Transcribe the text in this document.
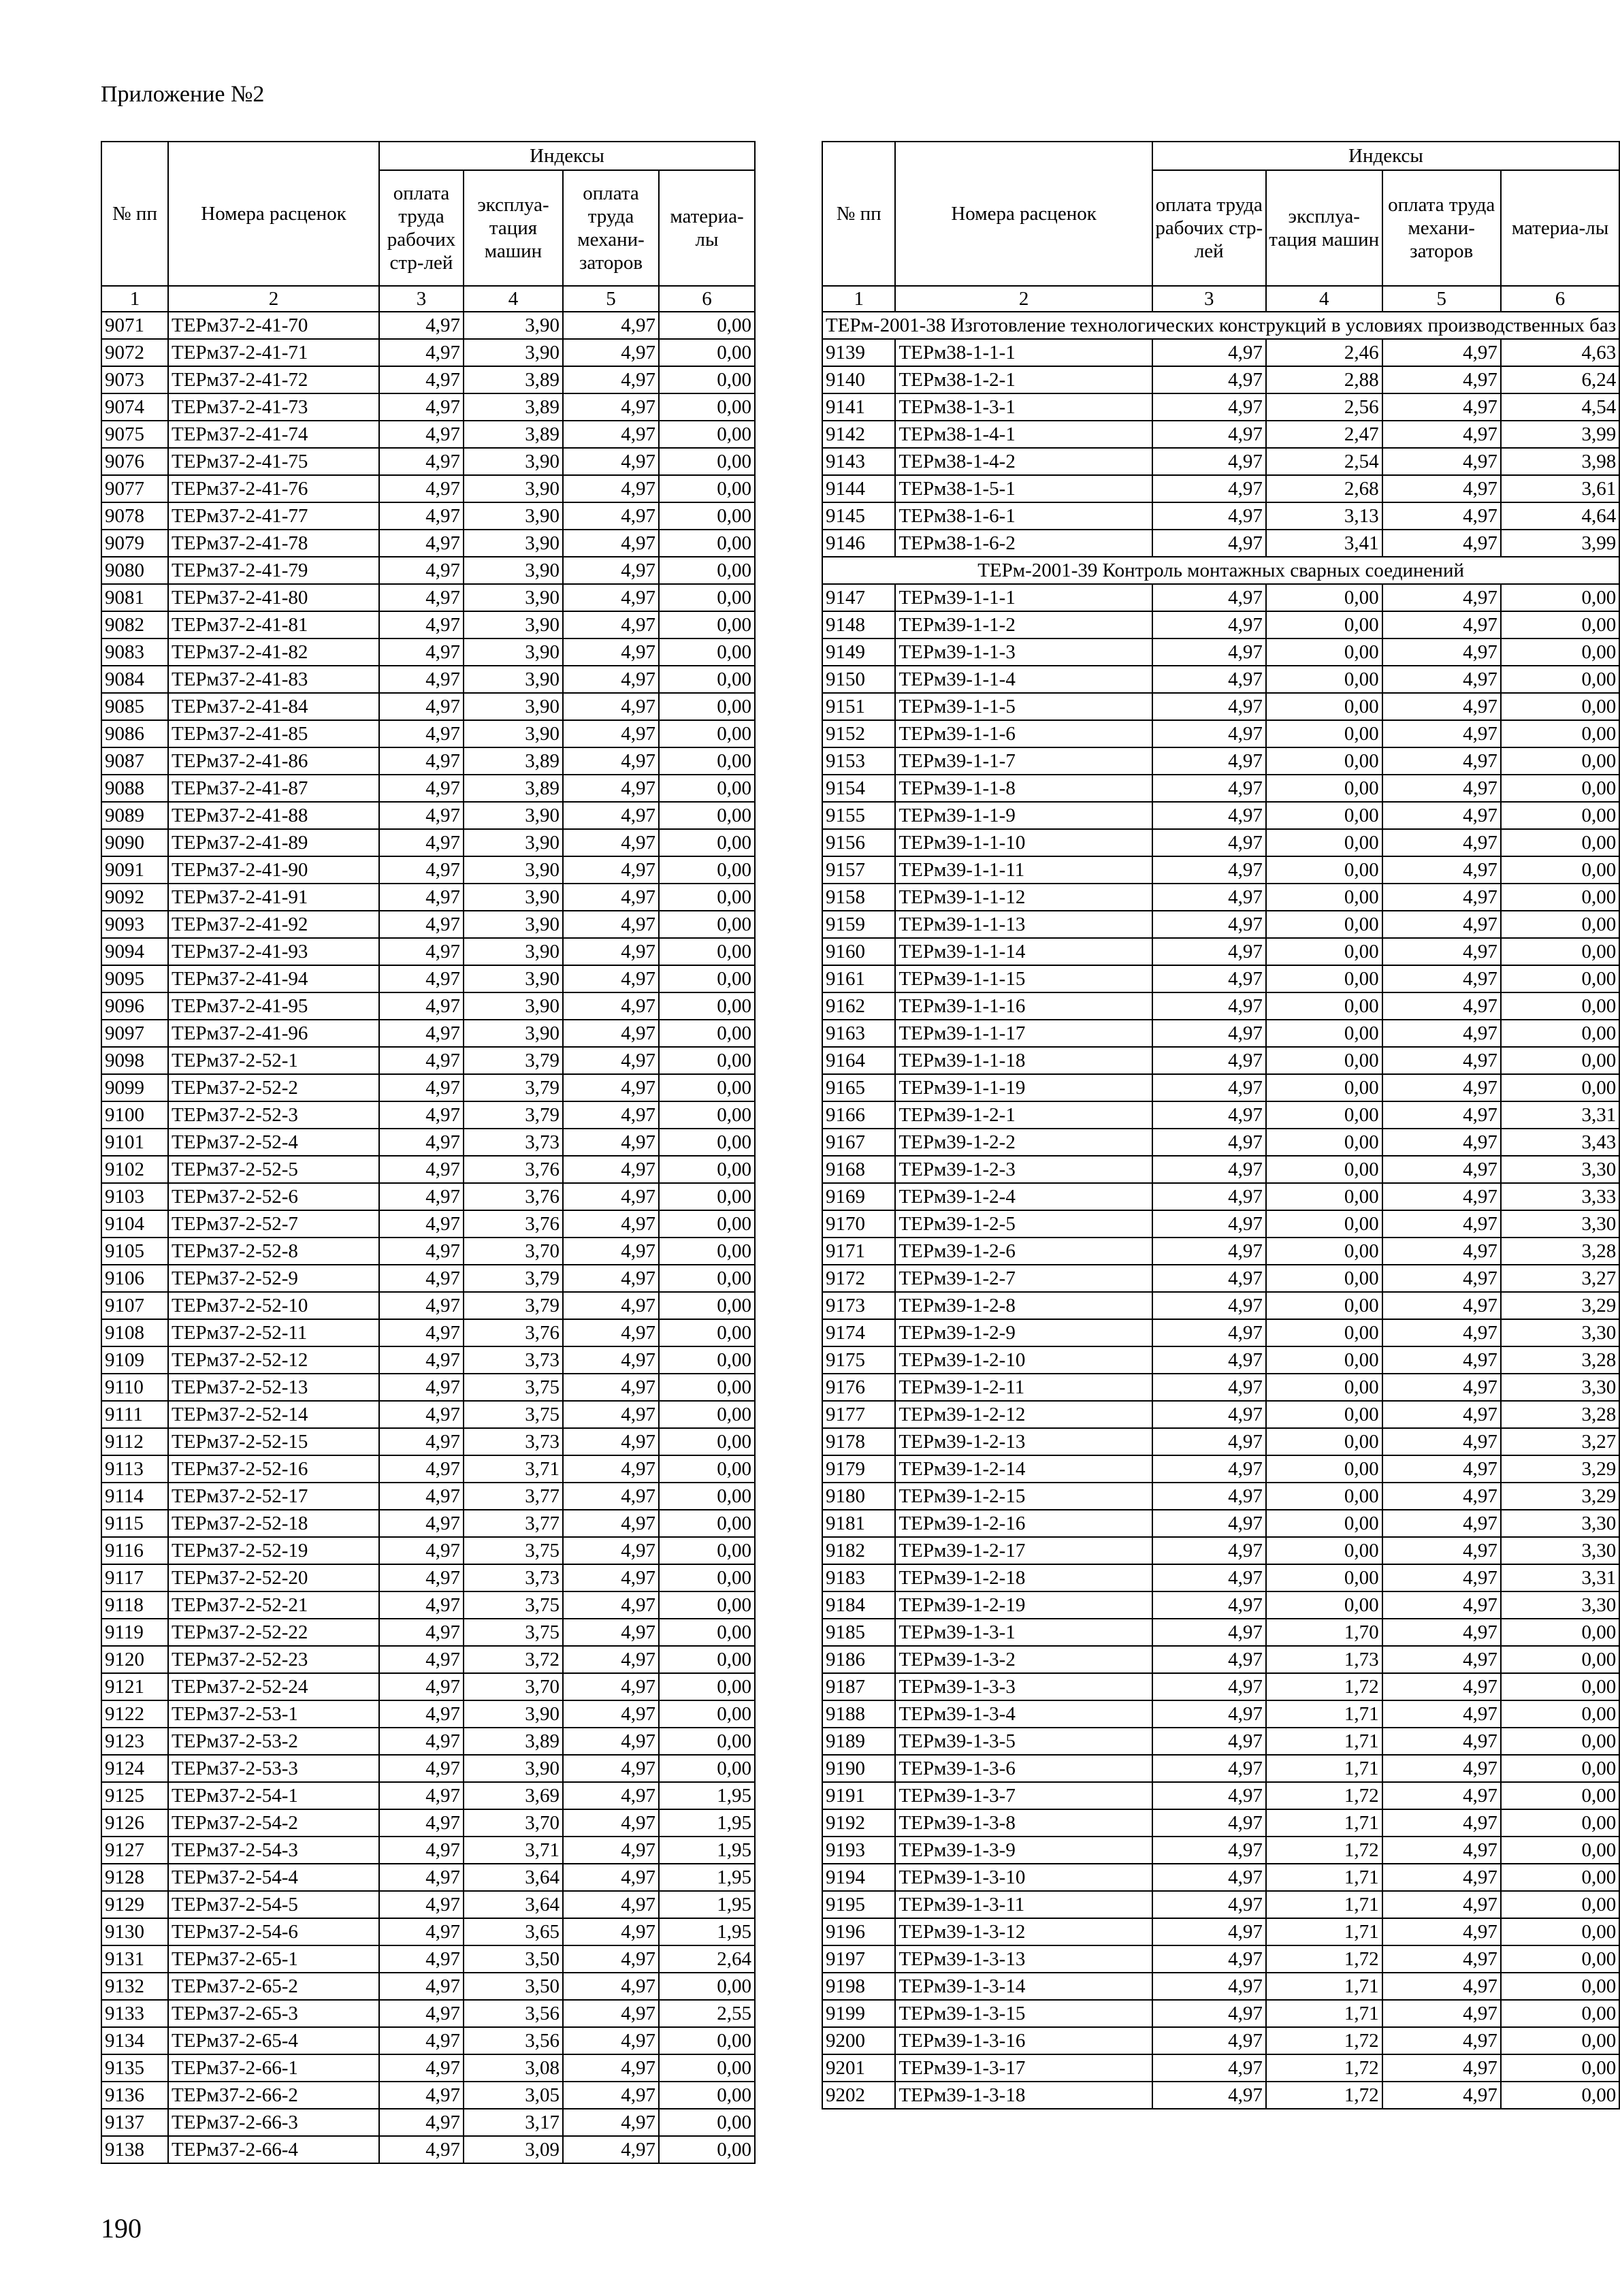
Приложение №2
№ пп	Номера расценок	Индексы			
		оплата труда рабочих стр-лей	эксплуа-тация машин	оплата труда механи-заторов	материа-лы
1	2	3	4	5	6
9071	ТЕРм37-2-41-70	4,97	3,90	4,97	0,00
9072	ТЕРм37-2-41-71	4,97	3,90	4,97	0,00
9073	ТЕРм37-2-41-72	4,97	3,89	4,97	0,00
9074	ТЕРм37-2-41-73	4,97	3,89	4,97	0,00
9075	ТЕРм37-2-41-74	4,97	3,89	4,97	0,00
9076	ТЕРм37-2-41-75	4,97	3,90	4,97	0,00
9077	ТЕРм37-2-41-76	4,97	3,90	4,97	0,00
9078	ТЕРм37-2-41-77	4,97	3,90	4,97	0,00
9079	ТЕРм37-2-41-78	4,97	3,90	4,97	0,00
9080	ТЕРм37-2-41-79	4,97	3,90	4,97	0,00
9081	ТЕРм37-2-41-80	4,97	3,90	4,97	0,00
9082	ТЕРм37-2-41-81	4,97	3,90	4,97	0,00
9083	ТЕРм37-2-41-82	4,97	3,90	4,97	0,00
9084	ТЕРм37-2-41-83	4,97	3,90	4,97	0,00
9085	ТЕРм37-2-41-84	4,97	3,90	4,97	0,00
9086	ТЕРм37-2-41-85	4,97	3,90	4,97	0,00
9087	ТЕРм37-2-41-86	4,97	3,89	4,97	0,00
9088	ТЕРм37-2-41-87	4,97	3,89	4,97	0,00
9089	ТЕРм37-2-41-88	4,97	3,90	4,97	0,00
9090	ТЕРм37-2-41-89	4,97	3,90	4,97	0,00
9091	ТЕРм37-2-41-90	4,97	3,90	4,97	0,00
9092	ТЕРм37-2-41-91	4,97	3,90	4,97	0,00
9093	ТЕРм37-2-41-92	4,97	3,90	4,97	0,00
9094	ТЕРм37-2-41-93	4,97	3,90	4,97	0,00
9095	ТЕРм37-2-41-94	4,97	3,90	4,97	0,00
9096	ТЕРм37-2-41-95	4,97	3,90	4,97	0,00
9097	ТЕРм37-2-41-96	4,97	3,90	4,97	0,00
9098	ТЕРм37-2-52-1	4,97	3,79	4,97	0,00
9099	ТЕРм37-2-52-2	4,97	3,79	4,97	0,00
9100	ТЕРм37-2-52-3	4,97	3,79	4,97	0,00
9101	ТЕРм37-2-52-4	4,97	3,73	4,97	0,00
9102	ТЕРм37-2-52-5	4,97	3,76	4,97	0,00
9103	ТЕРм37-2-52-6	4,97	3,76	4,97	0,00
9104	ТЕРм37-2-52-7	4,97	3,76	4,97	0,00
9105	ТЕРм37-2-52-8	4,97	3,70	4,97	0,00
9106	ТЕРм37-2-52-9	4,97	3,79	4,97	0,00
9107	ТЕРм37-2-52-10	4,97	3,79	4,97	0,00
9108	ТЕРм37-2-52-11	4,97	3,76	4,97	0,00
9109	ТЕРм37-2-52-12	4,97	3,73	4,97	0,00
9110	ТЕРм37-2-52-13	4,97	3,75	4,97	0,00
9111	ТЕРм37-2-52-14	4,97	3,75	4,97	0,00
9112	ТЕРм37-2-52-15	4,97	3,73	4,97	0,00
9113	ТЕРм37-2-52-16	4,97	3,71	4,97	0,00
9114	ТЕРм37-2-52-17	4,97	3,77	4,97	0,00
9115	ТЕРм37-2-52-18	4,97	3,77	4,97	0,00
9116	ТЕРм37-2-52-19	4,97	3,75	4,97	0,00
9117	ТЕРм37-2-52-20	4,97	3,73	4,97	0,00
9118	ТЕРм37-2-52-21	4,97	3,75	4,97	0,00
9119	ТЕРм37-2-52-22	4,97	3,75	4,97	0,00
9120	ТЕРм37-2-52-23	4,97	3,72	4,97	0,00
9121	ТЕРм37-2-52-24	4,97	3,70	4,97	0,00
9122	ТЕРм37-2-53-1	4,97	3,90	4,97	0,00
9123	ТЕРм37-2-53-2	4,97	3,89	4,97	0,00
9124	ТЕРм37-2-53-3	4,97	3,90	4,97	0,00
9125	ТЕРм37-2-54-1	4,97	3,69	4,97	1,95
9126	ТЕРм37-2-54-2	4,97	3,70	4,97	1,95
9127	ТЕРм37-2-54-3	4,97	3,71	4,97	1,95
9128	ТЕРм37-2-54-4	4,97	3,64	4,97	1,95
9129	ТЕРм37-2-54-5	4,97	3,64	4,97	1,95
9130	ТЕРм37-2-54-6	4,97	3,65	4,97	1,95
9131	ТЕРм37-2-65-1	4,97	3,50	4,97	2,64
9132	ТЕРм37-2-65-2	4,97	3,50	4,97	0,00
9133	ТЕРм37-2-65-3	4,97	3,56	4,97	2,55
9134	ТЕРм37-2-65-4	4,97	3,56	4,97	0,00
9135	ТЕРм37-2-66-1	4,97	3,08	4,97	0,00
9136	ТЕРм37-2-66-2	4,97	3,05	4,97	0,00
9137	ТЕРм37-2-66-3	4,97	3,17	4,97	0,00
9138	ТЕРм37-2-66-4	4,97	3,09	4,97	0,00
№ пп	Номера расценок	Индексы			
		оплата труда рабочих стр-лей	эксплуа-тация машин	оплата труда механи-заторов	материа-лы
1	2	3	4	5	6
ТЕРм-2001-38 Изготовление технологических конструкций в условиях производственных баз					
9139	ТЕРм38-1-1-1	4,97	2,46	4,97	4,63
9140	ТЕРм38-1-2-1	4,97	2,88	4,97	6,24
9141	ТЕРм38-1-3-1	4,97	2,56	4,97	4,54
9142	ТЕРм38-1-4-1	4,97	2,47	4,97	3,99
9143	ТЕРм38-1-4-2	4,97	2,54	4,97	3,98
9144	ТЕРм38-1-5-1	4,97	2,68	4,97	3,61
9145	ТЕРм38-1-6-1	4,97	3,13	4,97	4,64
9146	ТЕРм38-1-6-2	4,97	3,41	4,97	3,99
ТЕРм-2001-39 Контроль монтажных сварных соединений					
9147	ТЕРм39-1-1-1	4,97	0,00	4,97	0,00
9148	ТЕРм39-1-1-2	4,97	0,00	4,97	0,00
9149	ТЕРм39-1-1-3	4,97	0,00	4,97	0,00
9150	ТЕРм39-1-1-4	4,97	0,00	4,97	0,00
9151	ТЕРм39-1-1-5	4,97	0,00	4,97	0,00
9152	ТЕРм39-1-1-6	4,97	0,00	4,97	0,00
9153	ТЕРм39-1-1-7	4,97	0,00	4,97	0,00
9154	ТЕРм39-1-1-8	4,97	0,00	4,97	0,00
9155	ТЕРм39-1-1-9	4,97	0,00	4,97	0,00
9156	ТЕРм39-1-1-10	4,97	0,00	4,97	0,00
9157	ТЕРм39-1-1-11	4,97	0,00	4,97	0,00
9158	ТЕРм39-1-1-12	4,97	0,00	4,97	0,00
9159	ТЕРм39-1-1-13	4,97	0,00	4,97	0,00
9160	ТЕРм39-1-1-14	4,97	0,00	4,97	0,00
9161	ТЕРм39-1-1-15	4,97	0,00	4,97	0,00
9162	ТЕРм39-1-1-16	4,97	0,00	4,97	0,00
9163	ТЕРм39-1-1-17	4,97	0,00	4,97	0,00
9164	ТЕРм39-1-1-18	4,97	0,00	4,97	0,00
9165	ТЕРм39-1-1-19	4,97	0,00	4,97	0,00
9166	ТЕРм39-1-2-1	4,97	0,00	4,97	3,31
9167	ТЕРм39-1-2-2	4,97	0,00	4,97	3,43
9168	ТЕРм39-1-2-3	4,97	0,00	4,97	3,30
9169	ТЕРм39-1-2-4	4,97	0,00	4,97	3,33
9170	ТЕРм39-1-2-5	4,97	0,00	4,97	3,30
9171	ТЕРм39-1-2-6	4,97	0,00	4,97	3,28
9172	ТЕРм39-1-2-7	4,97	0,00	4,97	3,27
9173	ТЕРм39-1-2-8	4,97	0,00	4,97	3,29
9174	ТЕРм39-1-2-9	4,97	0,00	4,97	3,30
9175	ТЕРм39-1-2-10	4,97	0,00	4,97	3,28
9176	ТЕРм39-1-2-11	4,97	0,00	4,97	3,30
9177	ТЕРм39-1-2-12	4,97	0,00	4,97	3,28
9178	ТЕРм39-1-2-13	4,97	0,00	4,97	3,27
9179	ТЕРм39-1-2-14	4,97	0,00	4,97	3,29
9180	ТЕРм39-1-2-15	4,97	0,00	4,97	3,29
9181	ТЕРм39-1-2-16	4,97	0,00	4,97	3,30
9182	ТЕРм39-1-2-17	4,97	0,00	4,97	3,30
9183	ТЕРм39-1-2-18	4,97	0,00	4,97	3,31
9184	ТЕРм39-1-2-19	4,97	0,00	4,97	3,30
9185	ТЕРм39-1-3-1	4,97	1,70	4,97	0,00
9186	ТЕРм39-1-3-2	4,97	1,73	4,97	0,00
9187	ТЕРм39-1-3-3	4,97	1,72	4,97	0,00
9188	ТЕРм39-1-3-4	4,97	1,71	4,97	0,00
9189	ТЕРм39-1-3-5	4,97	1,71	4,97	0,00
9190	ТЕРм39-1-3-6	4,97	1,71	4,97	0,00
9191	ТЕРм39-1-3-7	4,97	1,72	4,97	0,00
9192	ТЕРм39-1-3-8	4,97	1,71	4,97	0,00
9193	ТЕРм39-1-3-9	4,97	1,72	4,97	0,00
9194	ТЕРм39-1-3-10	4,97	1,71	4,97	0,00
9195	ТЕРм39-1-3-11	4,97	1,71	4,97	0,00
9196	ТЕРм39-1-3-12	4,97	1,71	4,97	0,00
9197	ТЕРм39-1-3-13	4,97	1,72	4,97	0,00
9198	ТЕРм39-1-3-14	4,97	1,71	4,97	0,00
9199	ТЕРм39-1-3-15	4,97	1,71	4,97	0,00
9200	ТЕРм39-1-3-16	4,97	1,72	4,97	0,00
9201	ТЕРм39-1-3-17	4,97	1,72	4,97	0,00
9202	ТЕРм39-1-3-18	4,97	1,72	4,97	0,00
190
